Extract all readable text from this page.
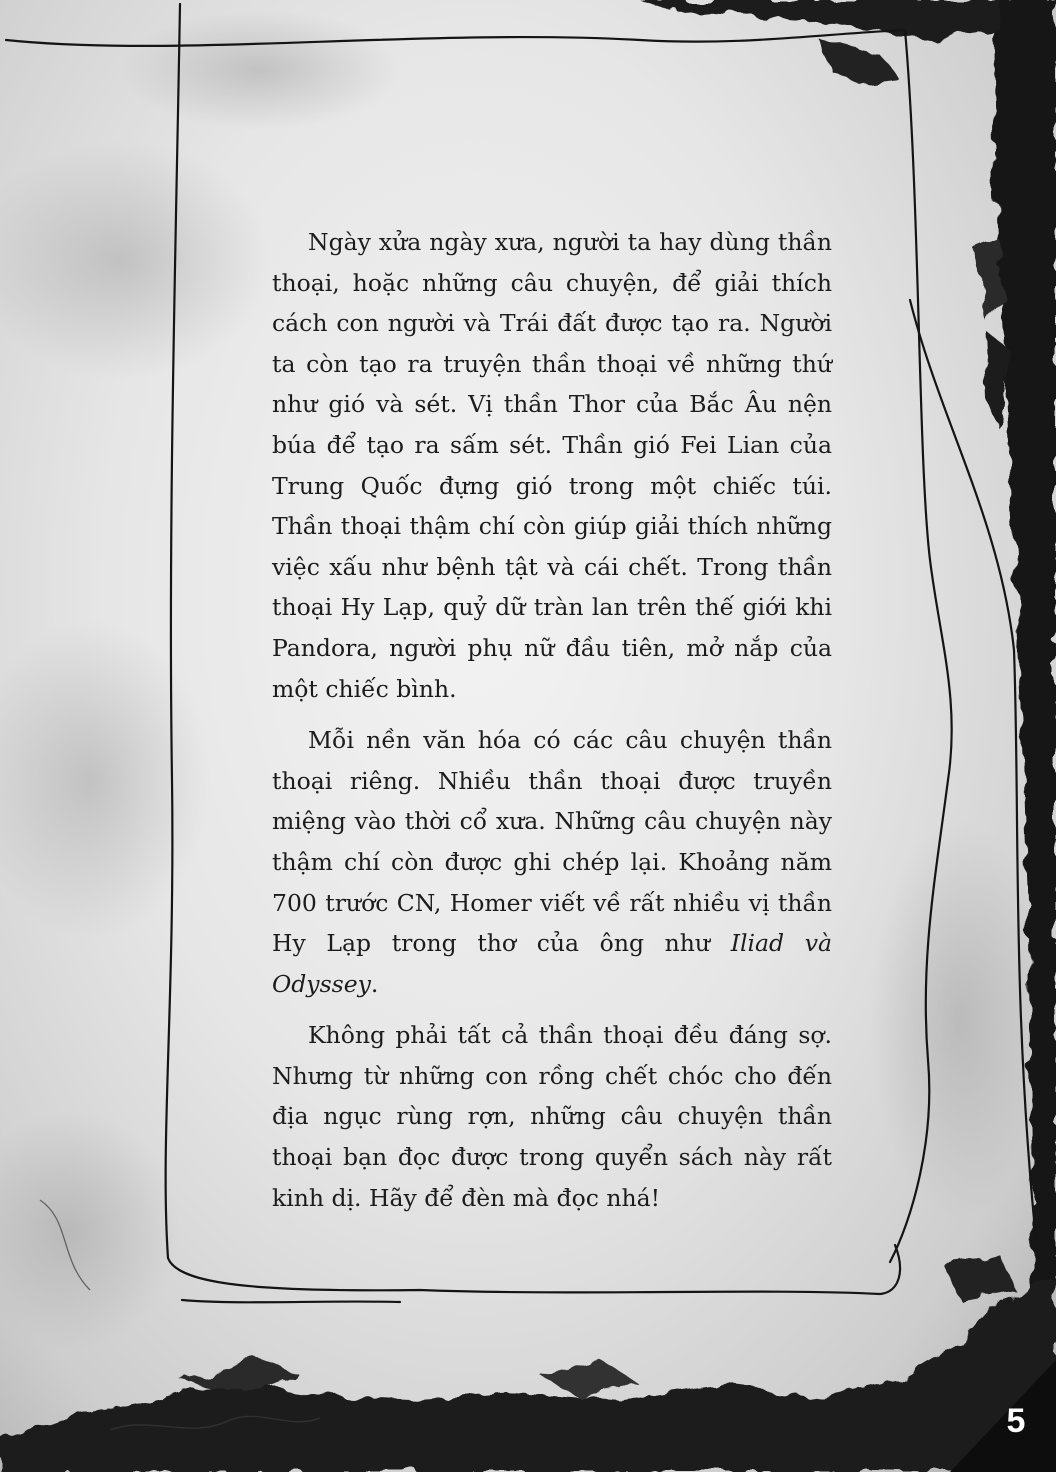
Ngày xửa ngày xưa, người ta hay dùng thần thoại, hoặc những câu chuyện, để giải thích cách con người và Trái đất được tạo ra. Người ta còn tạo ra truyện thần thoại về những thứ như gió và sét. Vị thần Thor của Bắc Âu nện búa để tạo ra sấm sét. Thần gió Fei Lian của Trung Quốc đựng gió trong một chiếc túi. Thần thoại thậm chí còn giúp giải thích những việc xấu như bệnh tật và cái chết. Trong thần thoại Hy Lạp, quỷ dữ tràn lan trên thế giới khi Pandora, người phụ nữ đầu tiên, mở nắp của một chiếc bình.

Mỗi nền văn hóa có các câu chuyện thần thoại riêng. Nhiều thần thoại được truyền miệng vào thời cổ xưa. Những câu chuyện này thậm chí còn được ghi chép lại. Khoảng năm 700 trước CN, Homer viết về rất nhiều vị thần Hy Lạp trong thơ của ông như Iliad và Odyssey.

Không phải tất cả thần thoại đều đáng sợ. Nhưng từ những con rồng chết chóc cho đến địa ngục rùng rợn, những câu chuyện thần thoại bạn đọc được trong quyển sách này rất kinh dị. Hãy để đèn mà đọc nhá!

5
